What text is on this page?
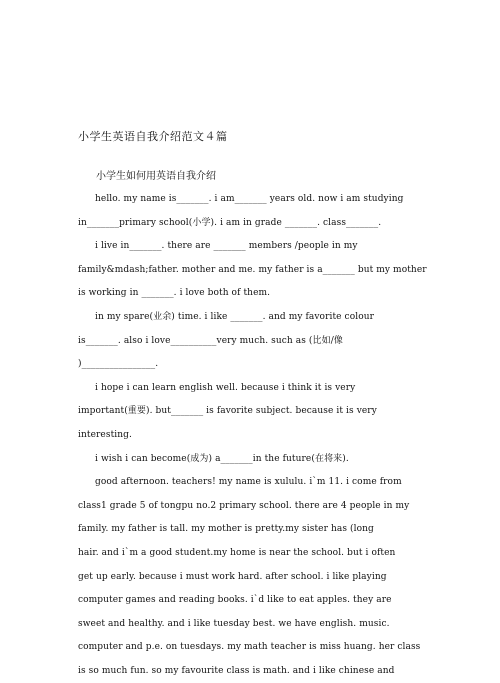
小学生英语自我介绍范文４篇
小学生如何用英语自我介绍
hello. my name is_______. i am_______ years old. now i am studying
in_______primary school(小学). i am in grade _______. class_______.
i live in_______. there are _______ members /people in my
family&mdash;father. mother and me. my father is a_______ but my mother
is working in _______. i love both of them.
in my spare(业余) time. i like _______. and my favorite colour
is_______. also i love__________very much. such as (比如/像
)________________.
i hope i can learn english well. because i think it is very
important(重要). but_______ is favorite subject. because it is very
interesting.
i wish i can become(成为) a_______in the future(在将来).
good afternoon. teachers! my name is xululu. i`m 11. i come from
class1 grade 5 of tongpu no.2 primary school. there are 4 people in my
family. my father is tall. my mother is pretty.my sister has (long
hair. and i`m a good student.my home is near the school. but i often
get up early. because i must work hard. after school. i like playing
computer games and reading books. i`d like to eat apples. they are
sweet and healthy. and i like tuesday best. we have english. music.
computer and p.e. on tuesdays. my math teacher is miss huang. her class
is so much fun. so my favourite class is math. and i like chinese and
